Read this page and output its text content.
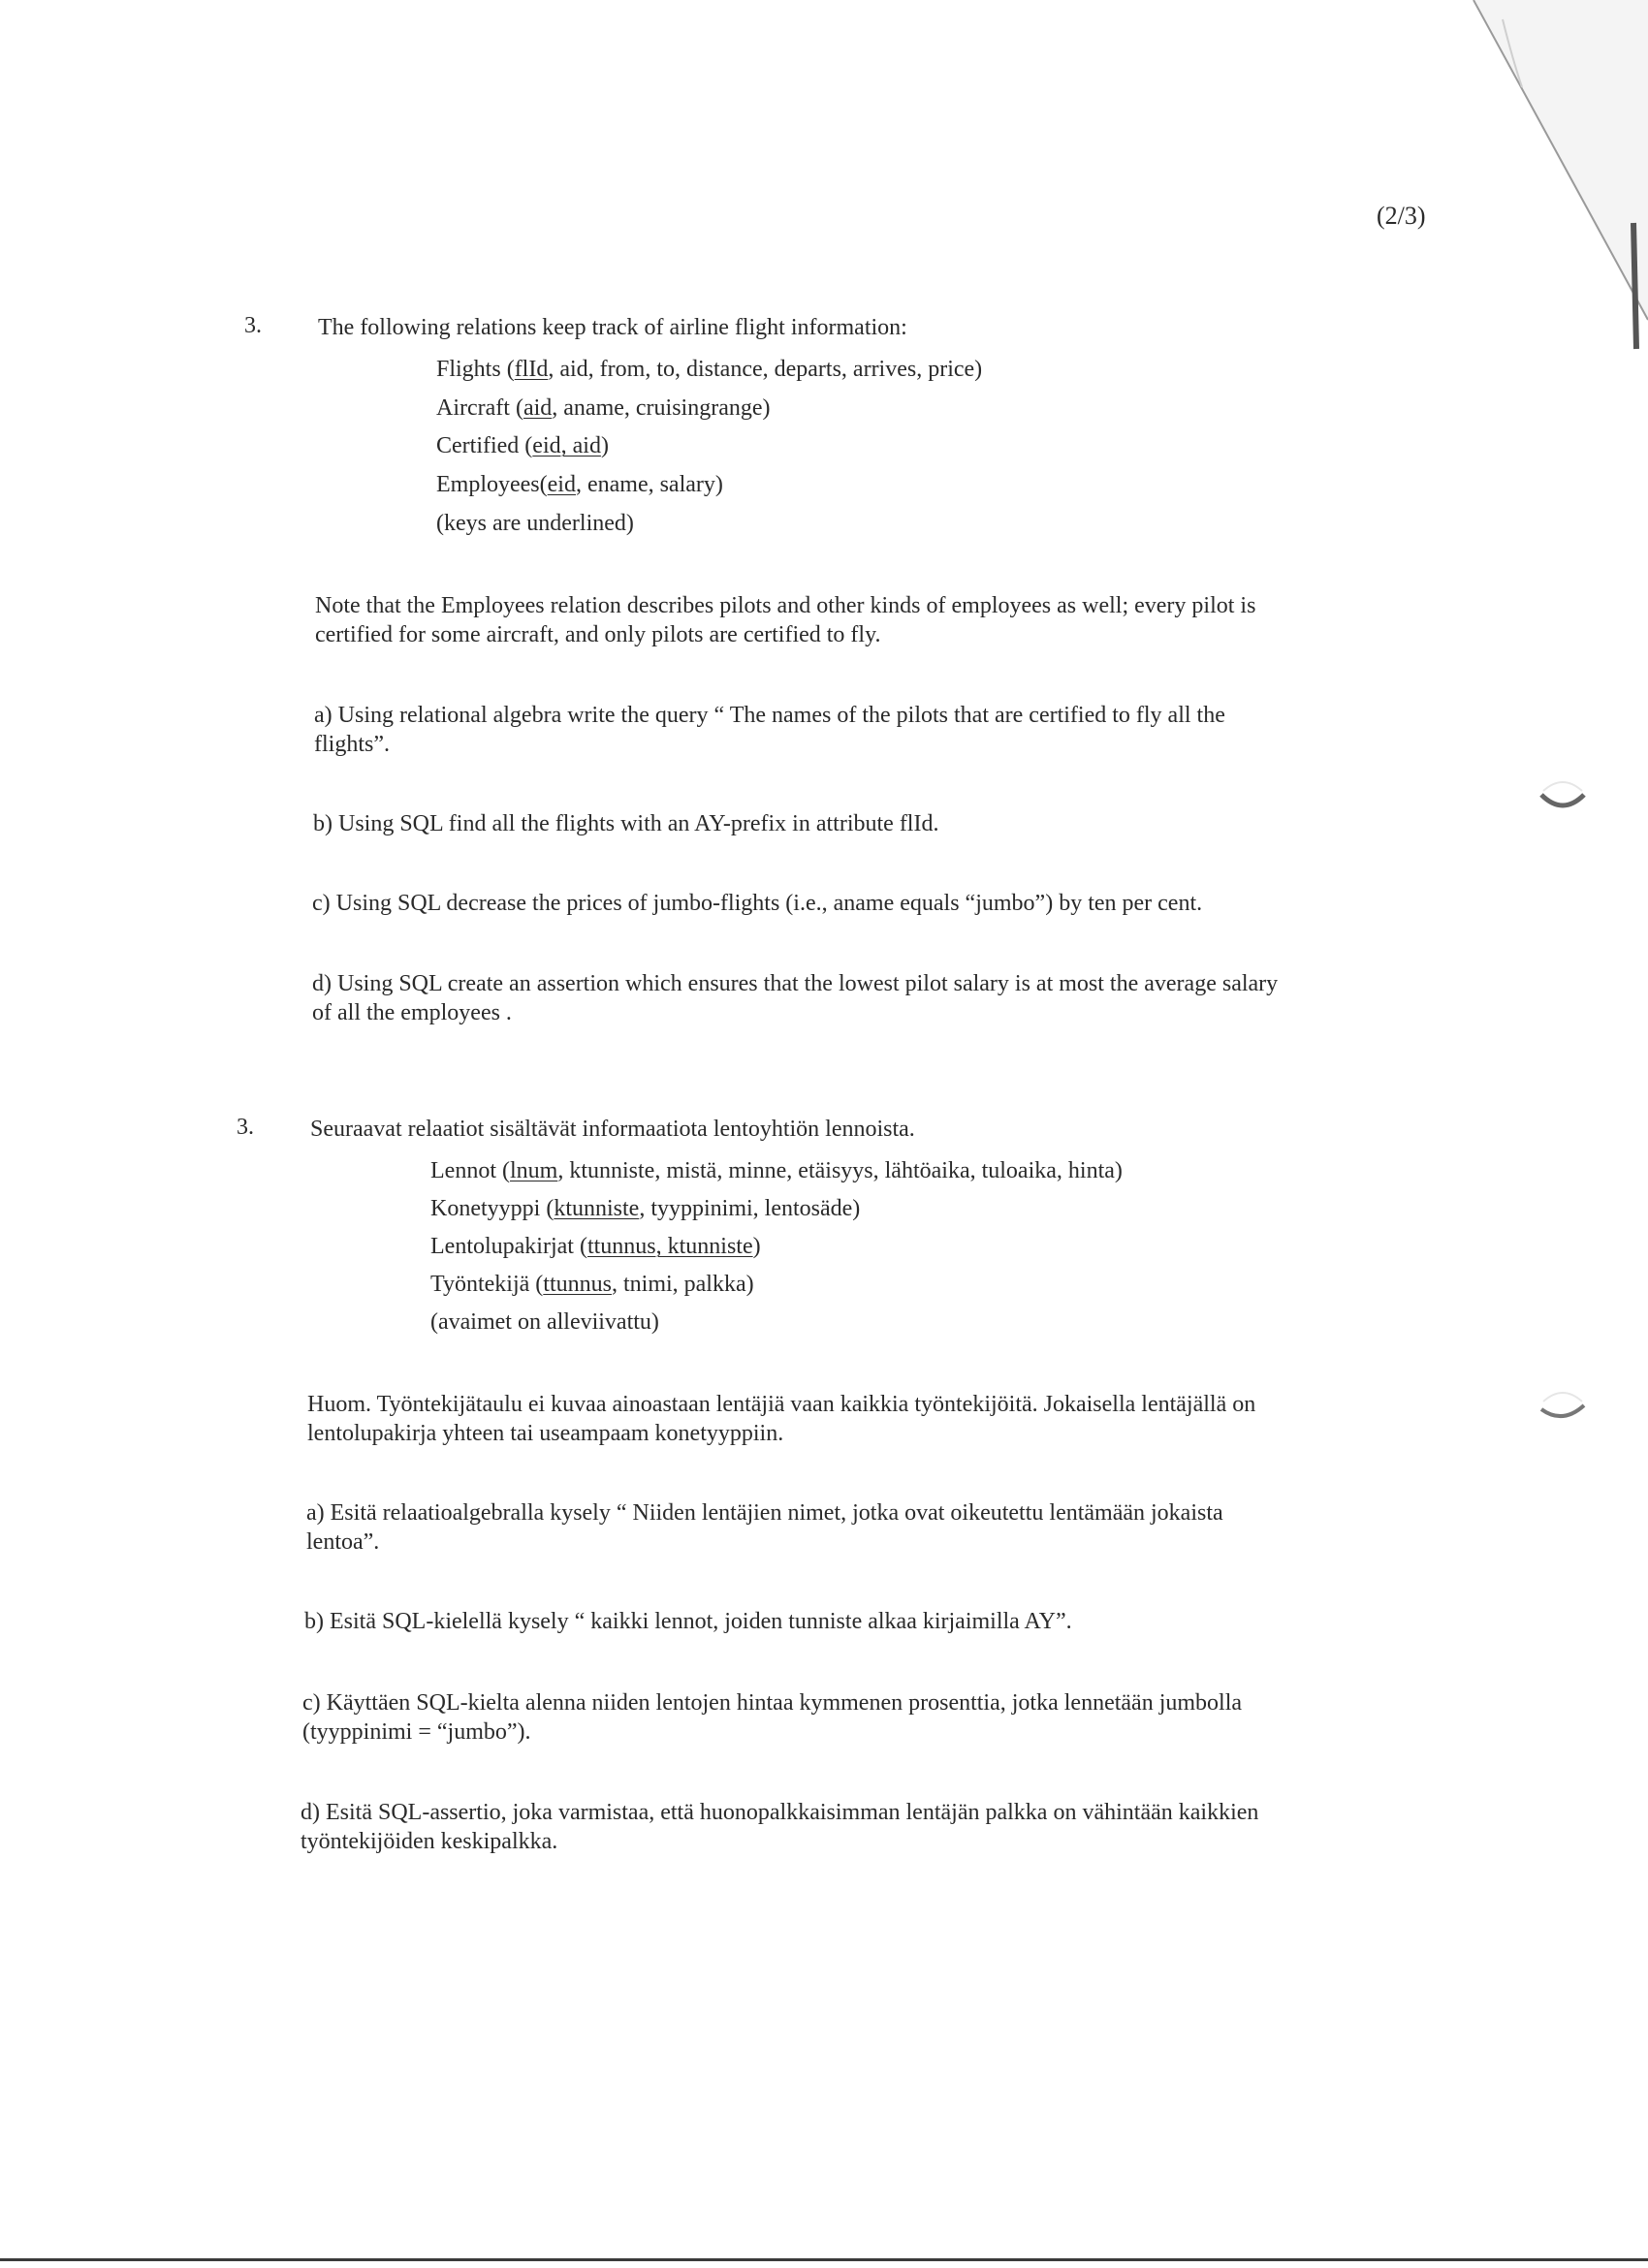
(2/3)
3. The following relations keep track of airline flight information:
Flights (flId, aid, from, to, distance, departs, arrives, price)
Aircraft (aid, aname, cruisingrange)
Certified (eid, aid)
Employees(eid, ename, salary)
(keys are underlined)
Note that the Employees relation describes pilots and other kinds of employees as well; every pilot is
certified for some aircraft, and only pilots are certified to fly.
a) Using relational algebra write the query “ The names of the pilots that are certified to fly all the
flights”.
b) Using SQL find all the flights with an AY-prefix in attribute flId.
c) Using SQL decrease the prices of jumbo-flights (i.e., aname equals “jumbo”) by ten per cent.
d) Using SQL create an assertion which ensures that the lowest pilot salary is at most the average salary
of all the employees .
3. Seuraavat relaatiot sisältävät informaatiota lentoyhtiön lennoista.
Lennot (lnum, ktunniste, mistä, minne, etäisyys, lähtöaika, tuloaika, hinta)
Konetyyppi (ktunniste, tyyppinimi, lentosäde)
Lentolupakirjat (ttunnus, ktunniste)
Työntekijä (ttunnus, tnimi, palkka)
(avaimet on alleviivattu)
Huom. Työntekijätaulu ei kuvaa ainoastaan lentäjiä vaan kaikkia työntekijöitä. Jokaisella lentäjällä on
lentolupakirja yhteen tai useampaam konetyyppiin.
a) Esitä relaatioalgebralla kysely “ Niiden lentäjien nimet, jotka ovat oikeutettu lentämään jokaista
lentoa”.
b) Esitä SQL-kielellä kysely “ kaikki lennot, joiden tunniste alkaa kirjaimilla AY”.
c) Käyttäen SQL-kielta alenna niiden lentojen hintaa kymmenen prosenttia, jotka lennetään jumbolla
(tyyppinimi = “jumbo”).
d) Esitä SQL-assertio, joka varmistaa, että huonopalkkaisimman lentäjän palkka on vähintään kaikkien
työntekijöiden keskipalkka.
